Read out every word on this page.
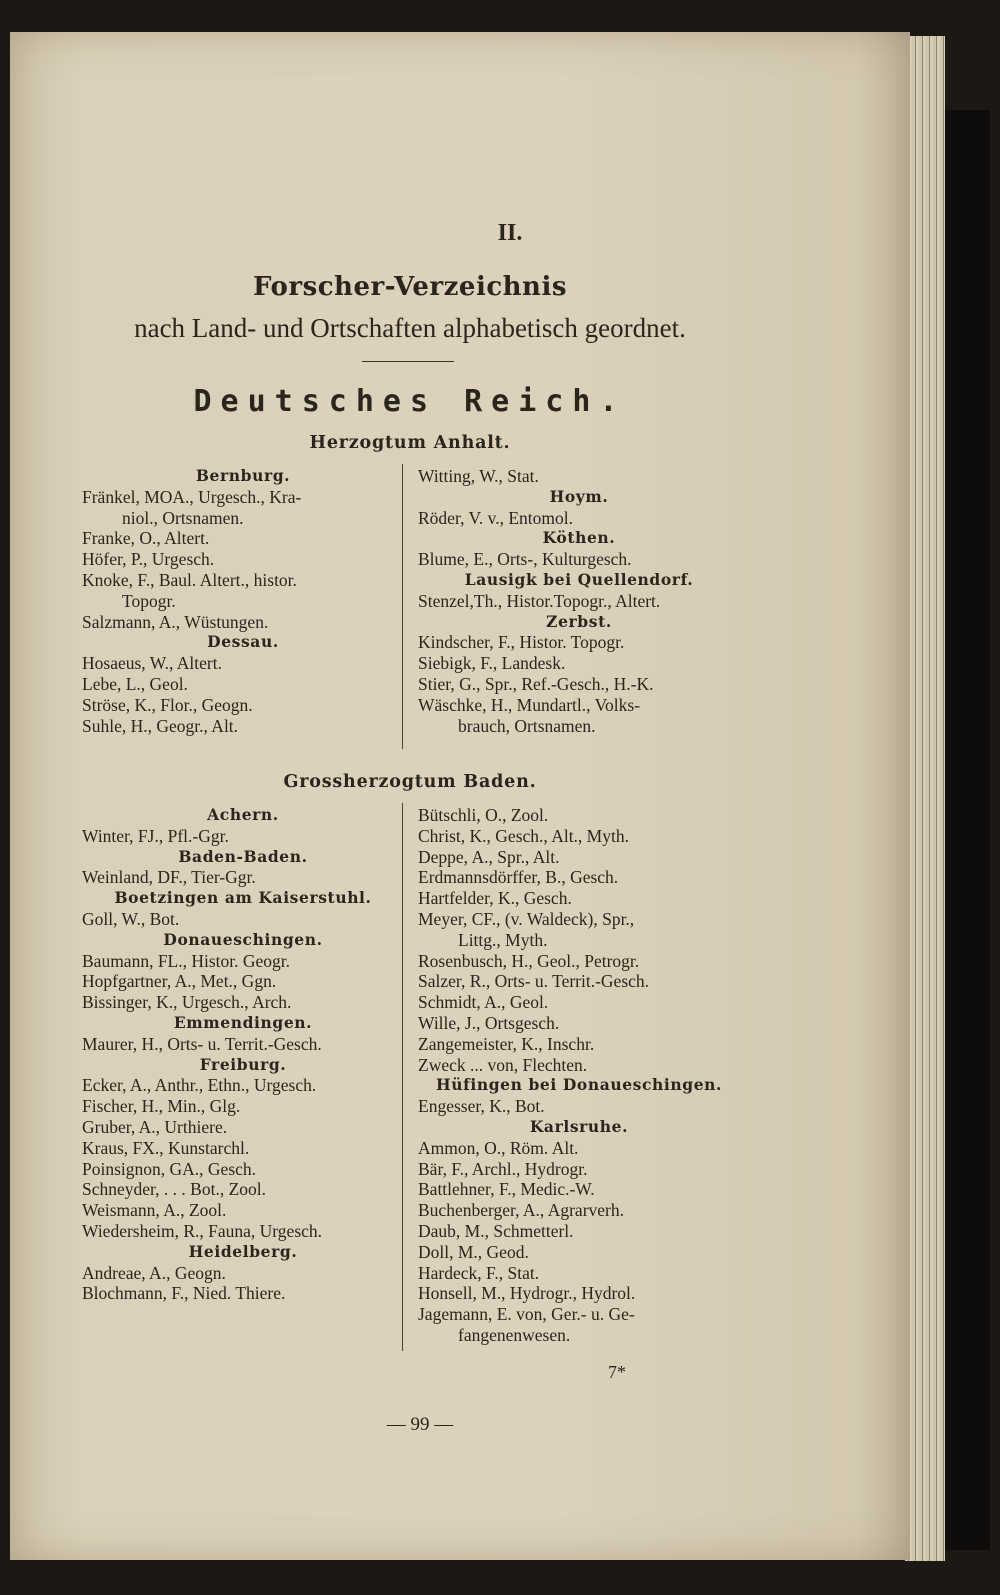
II.
Forscher-Verzeichnis
nach Land- und Ortschaften alphabetisch geordnet.
Deutsches Reich.
Herzogtum Anhalt.
Bernburg.
Fränkel, MOA., Urgesch., Kra-
niol., Ortsnamen.
Franke, O., Altert.
Höfer, P., Urgesch.
Knoke, F., Baul. Altert., histor.
Topogr.
Salzmann, A., Wüstungen.
Dessau.
Hosaeus, W., Altert.
Lebe, L., Geol.
Ströse, K., Flor., Geogn.
Suhle, H., Geogr., Alt.
Witting, W., Stat.
Hoym.
Röder, V. v., Entomol.
Köthen.
Blume, E., Orts-, Kulturgesch.
Lausigk bei Quellendorf.
Stenzel,Th., Histor.Topogr., Altert.
Zerbst.
Kindscher, F., Histor. Topogr.
Siebigk, F., Landesk.
Stier, G., Spr., Ref.-Gesch., H.-K.
Wäschke, H., Mundartl., Volks-
brauch, Ortsnamen.
Grossherzogtum Baden.
Achern.
Winter, FJ., Pfl.-Ggr.
Baden-Baden.
Weinland, DF., Tier-Ggr.
Boetzingen am Kaiserstuhl.
Goll, W., Bot.
Donaueschingen.
Baumann, FL., Histor. Geogr.
Hopfgartner, A., Met., Ggn.
Bissinger, K., Urgesch., Arch.
Emmendingen.
Maurer, H., Orts- u. Territ.-Gesch.
Freiburg.
Ecker, A., Anthr., Ethn., Urgesch.
Fischer, H., Min., Glg.
Gruber, A., Urthiere.
Kraus, FX., Kunstarchl.
Poinsignon, GA., Gesch.
Schneyder, . . . Bot., Zool.
Weismann, A., Zool.
Wiedersheim, R., Fauna, Urgesch.
Heidelberg.
Andreae, A., Geogn.
Blochmann, F., Nied. Thiere.
Bütschli, O., Zool.
Christ, K., Gesch., Alt., Myth.
Deppe, A., Spr., Alt.
Erdmannsdörffer, B., Gesch.
Hartfelder, K., Gesch.
Meyer, CF., (v. Waldeck), Spr.,
Littg., Myth.
Rosenbusch, H., Geol., Petrogr.
Salzer, R., Orts- u. Territ.-Gesch.
Schmidt, A., Geol.
Wille, J., Ortsgesch.
Zangemeister, K., Inschr.
Zweck ... von, Flechten.
Hüfingen bei Donaueschingen.
Engesser, K., Bot.
Karlsruhe.
Ammon, O., Röm. Alt.
Bär, F., Archl., Hydrogr.
Battlehner, F., Medic.-W.
Buchenberger, A., Agrarverh.
Daub, M., Schmetterl.
Doll, M., Geod.
Hardeck, F., Stat.
Honsell, M., Hydrogr., Hydrol.
Jagemann, E. von, Ger.- u. Ge-
fangenenwesen.
7*
— 99 —
